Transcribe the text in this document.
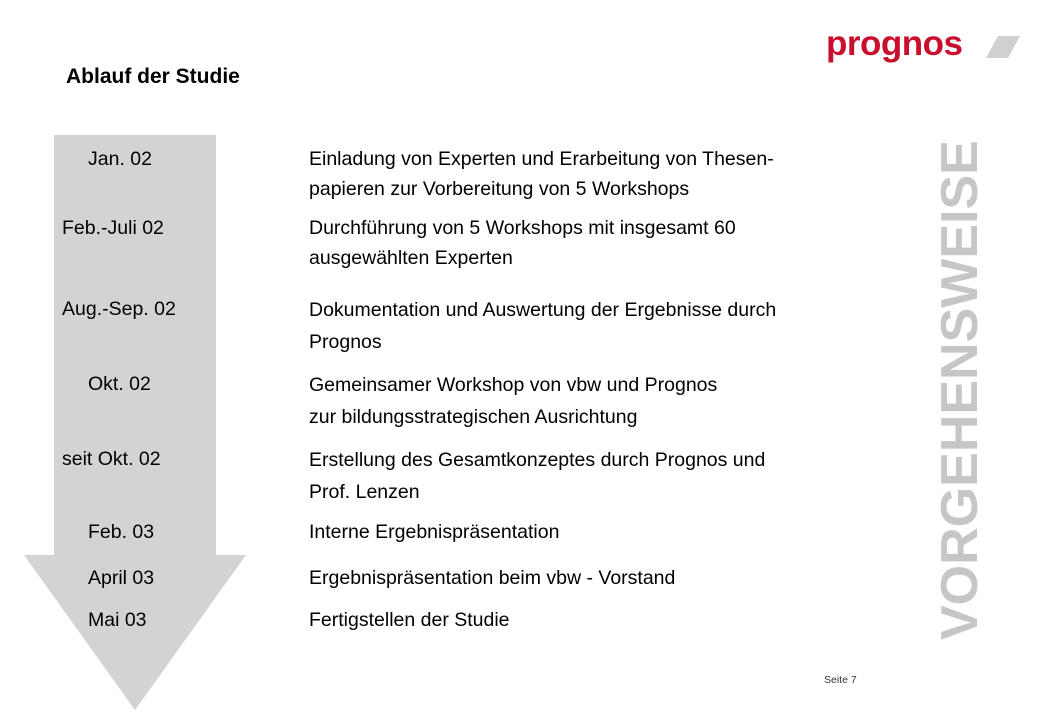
Ablauf der Studie
prognos
Jan. 02	Einladung von Experten und Erarbeitung von Thesen-
papieren zur Vorbereitung von 5 Workshops
Feb.-Juli 02	Durchführung von 5 Workshops mit insgesamt 60
ausgewählten Experten
Aug.-Sep. 02	Dokumentation und Auswertung der Ergebnisse durch
Prognos
Okt. 02	Gemeinsamer Workshop von vbw und Prognos
zur bildungsstrategischen Ausrichtung
seit Okt. 02	Erstellung des Gesamtkonzeptes durch Prognos und
Prof. Lenzen
Feb. 03	Interne Ergebnispräsentation
April 03	Ergebnispräsentation beim vbw - Vorstand
Mai 03	Fertigstellen der Studie	VORGEHENSWEISE
Seite 7
